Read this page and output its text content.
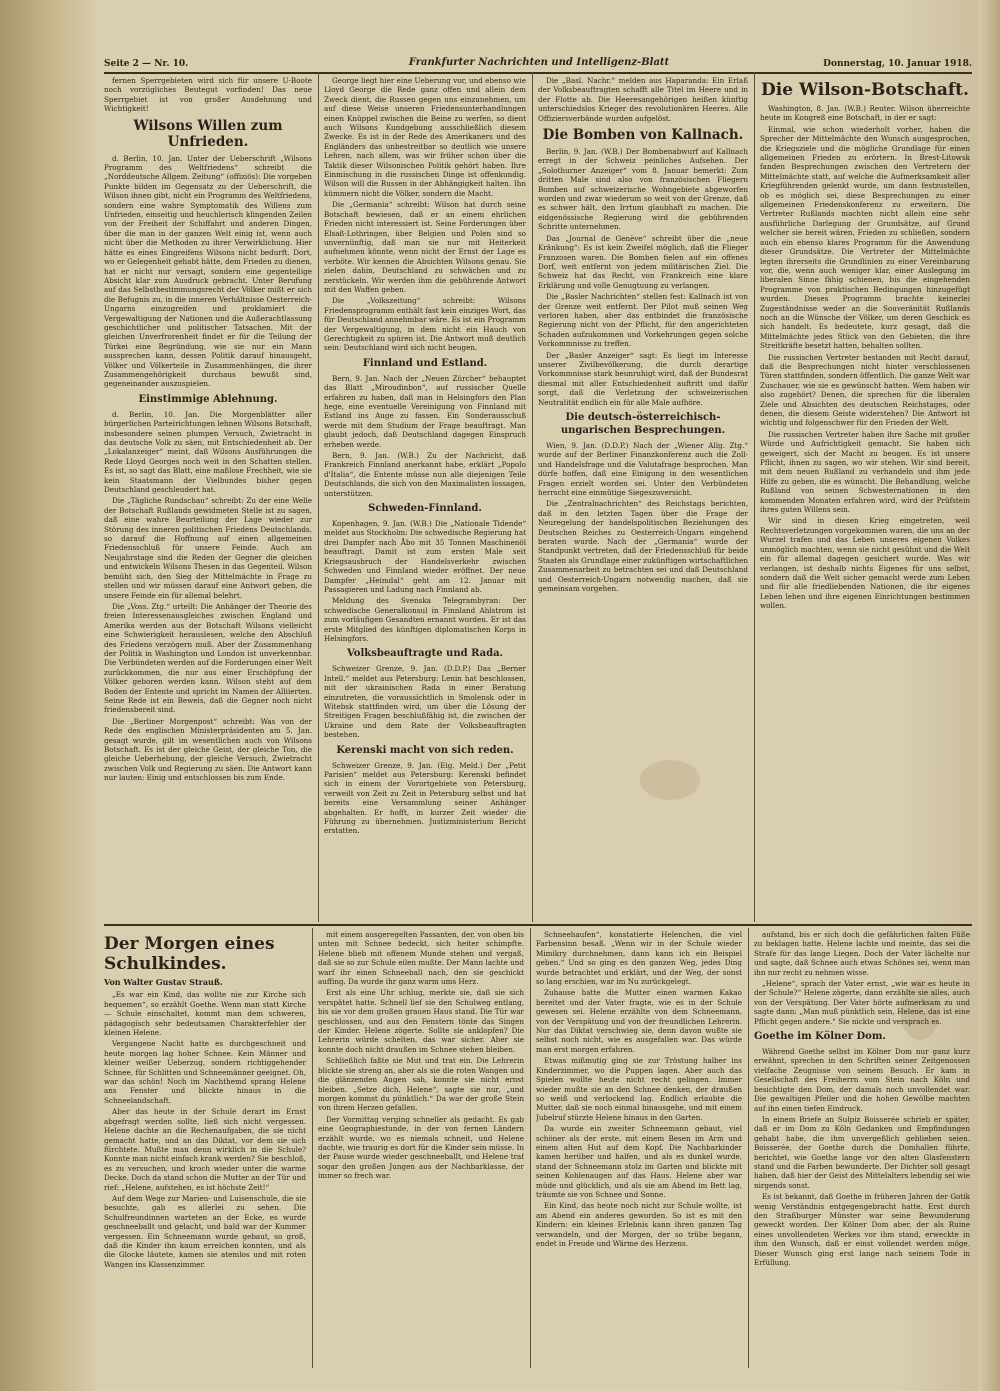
Seite 2 — Nr. 10.	Frankfurter Nachrichten und Intelligenz-Blatt	Donnerstag, 10. Januar 1918.

fernen Sperrgebieten wird sich für unsere U-Boote noch vorzügliches Beutegut vorfinden! Das neue Sperrgebiet ist von großer Ausdehnung und Wichtigkeit!

Wilsons Willen zum Unfrieden.

d. Berlin, 10. Jan. Unter der Ueberschrift „Wilsons Programm des Weltfriedens“ schreibt die „Norddeutsche Allgem. Zeitung“ (offiziös): Die vorgeben Punkte bilden im Gegensatz zu der Ueberschrift, die Wilson ihnen gibt, nicht ein Programm des Weltfriedens, sondern eine wahre Symptomatik des Willens zum Unfrieden, einseitig und heuchlerisch klingenden Zeilen von der Freiheit der Schiffahrt und anderen Dingen, über die man in der ganzen Welt einig ist, wenn auch nicht über die Methoden zu ihrer Verwirklichung. Hier hätte es eines Eingreifens Wilsons nicht bedurft. Dort, wo er Gelegenheit gehabt hätte, dem Frieden zu dienen, hat er nicht nur versagt, sondern eine gegenteilige Absicht klar zum Ausdruck gebracht. Unter Berufung auf das Selbstbestimmungsrecht der Völker mißt er sich die Befugnis zu, in die inneren Verhältnisse Oesterreich-Ungarns einzugreifen und proklamiert die Vergewaltigung der Nationen und die Außerachtlassung geschichtlicher und politischer Tatsachen. Mit der gleichen Unverfrorenheit findet er für die Teilung der Türkei eine Begründung, wie sie nur ein Mann aussprechen kann, dessen Politik darauf hinausgeht, Völker und Völkerteile in Zusammenhängen, die ihrer Zusammengehörigkeit durchaus bewußt sind, gegeneinander auszuspielen.

Einstimmige Ablehnung.

d. Berlin, 10. Jan. Die Morgenblätter aller bürgerlichen Parteirichtungen lehnen Wilsons Botschaft, insbesondere seinen plumpen Versuch, Zwietracht in das deutsche Volk zu säen, mit Entschiedenheit ab. Der „Lokalanzeiger“ meint, daß Wilsons Ausführungen die Rede Lloyd Georges noch weit in den Schatten stellen. Es ist, so sagt das Blatt, eine maßlose Frechheit, wie sie kein Staatsmann der Vielbundes bisher gegen Deutschland geschleudert hat.

Die „Tägliche Rundschau“ schreibt: Zu der eine Welle der Botschaft Rußlands gewidmeten Stelle ist zu sagen, daß eine wahre Beurteilung der Lage wieder zur Störung des inneren politischen Friedens Deutschlands, so darauf die Hoffnung auf einen allgemeinen Friedensschluß für unsere Feinde. Auch am Neujahrstage sind die Reden der Gegner die gleichen und entwickeln Wilsons Thesen in das Gegenteil. Wilson bemüht sich, den Sieg der Mittelmächte in Frage zu stellen und wir müssen darauf eine Antwort geben, die unsere Feinde ein für allemal belehrt.

Die „Voss. Ztg.“ urteilt: Die Anhänger der Theorie des freien Interessenausgleiches zwischen England und Amerika werden aus der Botschaft Wilsons vielleicht eine Schwierigkeit herauslesen, welche den Abschluß des Friedens verzögern muß. Aber der Zusammenhang der Politik in Washington und London ist unverkennbar. Die Verbündeten werden auf die Forderungen einer Welt zurückkommen, die nur aus einer Erschöpfung der Völker geboren werden kann. Wilson steht auf dem Boden der Entente und spricht im Namen der Alliierten. Seine Rede ist ein Beweis, daß die Gegner noch nicht friedensbereit sind.

Die „Berliner Morgenpost“ schreibt: Was von der Rede des englischen Ministerpräsidenten am 5. Jan. gesagt wurde, gilt im wesentlichen auch von Wilsons Botschaft. Es ist der gleiche Geist, der gleiche Ton, die gleiche Ueberhebung, der gleiche Versuch, Zwietracht zwischen Volk und Regierung zu säen. Die Antwort kann nur lauten: Einig und entschlossen bis zum Ende.

George liegt hier eine Ueberung vor, und ebenso wie Lloyd George die Rede ganz offen und allein dem Zweck dient, die Russen gegen uns einzunehmen, um auf diese Weise unseren Friedensunterhandlungen einen Knüppel zwischen die Beine zu werfen, so dient auch Wilsons Kundgebung ausschließlich diesem Zwecke. Es ist in der Rede des Amerikaners und des Engländers das unbestreitbar so deutlich wie unsere Lehren, nach allem, was wir früher schon über die Taktik dieser Wilsonischen Politik gehört haben. Ihre Einmischung in die russischen Dinge ist offenkundig. Wilson will die Russen in der Abhängigkeit halten. Ihn kümmern nicht die Völker, sondern die Macht.

Die „Germania“ schreibt: Wilson hat durch seine Botschaft bewiesen, daß er an einem ehrlichen Frieden nicht interessiert ist. Seine Forderungen über Elsaß-Lothringen, über Belgien und Polen sind so unvernünftig, daß man sie nur mit Heiterkeit aufnehmen könnte, wenn nicht der Ernst der Lage es verböte. Wir kennen die Absichten Wilsons genau. Sie zielen dahin, Deutschland zu schwächen und zu zerstückeln. Wir werden ihm die gebührende Antwort mit den Waffen geben.

Die „Volkszeitung“ schreibt: Wilsons Friedensprogramm enthält fast kein einziges Wort, das für Deutschland annehmbar wäre. Es ist ein Programm der Vergewaltigung, in dem nicht ein Hauch von Gerechtigkeit zu spüren ist. Die Antwort muß deutlich sein: Deutschland wird sich nicht beugen.

Finnland und Estland.

Bern, 9. Jan. Nach der „Neuen Zürcher“ behauptet das Blatt „Miroudinbon“, auf russischer Quelle erfahren zu haben, daß man in Helsingfors den Plan hege, eine eventuelle Vereinigung von Finnland mit Estland ins Auge zu fassen. Ein Sonderausschuß werde mit dem Studium der Frage beauftragt. Man glaubt jedoch, daß Deutschland dagegen Einspruch erheben werde.

Bern, 9. Jan. (W.B.) Zu der Nachricht, daß Frankreich Finnland anerkannt habe, erklärt „Popolo d'Italia“, die Entente müsse nun alle diejenigen Teile Deutschlands, die sich von den Maximalisten lossagen, unterstützen.

Schweden-Finnland.

Kopenhagen, 9. Jan. (W.B.) Die „Nationale Tidende“ meldet aus Stockholm: Die schwedische Regierung hat drei Dampfer nach Åbo mit 35 Tonnen Maschinenöl beauftragt. Damit ist zum ersten Male seit Kriegsausbruch der Handelsverkehr zwischen Schweden und Finnland wieder eröffnet. Der neue Dampfer „Heimdal“ geht am 12. Januar mit Passagieren und Ladung nach Finnland ab.

Meldung des Svenska Telegrambyran: Der schwedische Generalkonsul in Finnland Ahlstrom ist zum vorläufigen Gesandten ernannt worden. Er ist das erste Mitglied des künftigen diplomatischen Korps in Helsingfors.

Volksbeauftragte und Rada.

Schweizer Grenze, 9. Jan. (D.D.P.) Das „Berner Intell.“ meldet aus Petersburg: Lenin hat beschlossen, mit der ukrainischen Rada in einer Beratung einzutreten, die voraussichtlich in Smolensk oder in Witebsk stattfinden wird, um über die Lösung der Streitigen Fragen beschlußfähig ist, die zwischen der Ukraine und dem Rate der Volksbeauftragten bestehen.

Kerenski macht von sich reden.

Schweizer Grenze, 9. Jan. (Eig. Meld.) Der „Petit Parisien“ meldet aus Petersburg: Kerenski befindet sich in einem der Vorortgebiete von Petersburg, verweilt von Zeit zu Zeit in Petersburg selbst und hat bereits eine Versammlung seiner Anhänger abgehalten. Er hofft, in kurzer Zeit wieder die Führung zu übernehmen. Justizministerium Bericht erstatten.

Die „Basl. Nachr.“ melden aus Haparanda: Ein Erlaß der Volksbeauftragten schafft alle Titel im Heere und in der Flotte ab. Die Heeresangehörigen heißen künftig unterschiedslos Krieger des revolutionären Heeres. Alle Offiziersverbände wurden aufgelöst.

Die Bomben von Kallnach.

Berlin, 9. Jan. (W.B.) Der Bombenabwurf auf Kallnach erregt in der Schweiz peinliches Aufsehen. Der „Solothurner Anzeiger“ vom 8. Januar bemerkt: Zum dritten Male sind also von französischen Fliegern Bomben auf schweizerische Wohngebiete abgeworfen worden und zwar wiederum so weit von der Grenze, daß es schwer hält, den Irrtum glaubhaft zu machen. Die eidgenössische Regierung wird die gebührenden Schritte unternehmen.

Das „Journal de Genève“ schreibt über die „neue Kränkung“: Es ist kein Zweifel möglich, daß die Flieger Franzosen waren. Die Bomben fielen auf ein offenes Dorf, weit entfernt von jedem militärischen Ziel. Die Schweiz hat das Recht, von Frankreich eine klare Erklärung und volle Genugtuung zu verlangen.

Die „Basler Nachrichten“ stellen fest: Kallnach ist von der Grenze weit entfernt. Der Pilot muß seinen Weg verloren haben, aber das entbindet die französische Regierung nicht von der Pflicht, für den angerichteten Schaden aufzukommen und Vorkehrungen gegen solche Vorkommnisse zu treffen.

Der „Basler Anzeiger“ sagt: Es liegt im Interesse unserer Zivilbevölkerung, die durch derartige Vorkommnisse stark beunruhigt wird, daß der Bundesrat diesmal mit aller Entschiedenheit auftritt und dafür sorgt, daß die Verletzung der schweizerischen Neutralität endlich ein für alle Male aufhöre.

Die deutsch-österreichisch-ungarischen Besprechungen.

Wien, 9. Jan. (D.D.P.) Nach der „Wiener Allg. Ztg.“ wurde auf der Berliner Finanzkonferenz auch die Zoll- und Handelsfrage und die Valutafrage besprochen. Man dürfe hoffen, daß eine Einigung in den wesentlichen Fragen erzielt worden sei. Unter den Verbündeten herrscht eine einmütige Siegeszuversicht.

Die „Zentralnachrichten“ des Reichstags berichten, daß in den letzten Tagen über die Frage der Neuregelung der handelspolitischen Beziehungen des Deutschen Reiches zu Oesterreich-Ungarn eingehend beraten wurde. Nach der „Germania“ wurde der Standpunkt vertreten, daß der Friedensschluß für beide Staaten als Grundlage einer zukünftigen wirtschaftlichen Zusammenarbeit zu betrachten sei und daß Deutschland und Oesterreich-Ungarn notwendig machen, daß sie gemeinsam vorgehen.

Die Wilson-Botschaft.

Washington, 8. Jan. (W.B.) Reuter. Wilson überreichte heute im Kongreß eine Botschaft, in der er sagt:

Einmal, wie schon wiederholt vorher, haben die Sprecher der Mittelmächte den Wunsch ausgesprochen, die Kriegsziele und die mögliche Grundlage für einen allgemeinen Frieden zu erörtern. In Brest-Litowsk fanden Besprechungen zwischen den Vertretern der Mittelmächte statt, auf welche die Aufmerksamkeit aller Kriegführenden gelenkt wurde, um dann festzustellen, ob es möglich sei, diese Besprechungen zu einer allgemeinen Friedenskonferenz zu erweitern. Die Vertreter Rußlands machten nicht allein eine sehr ausführliche Darlegung der Grundsätze, auf Grund welcher sie bereit wären, Frieden zu schließen, sondern auch ein ebenso klares Programm für die Anwendung dieser Grundsätze. Die Vertreter der Mittelmächte legten ihrerseits die Grundlinien zu einer Vereinbarung vor, die, wenn auch weniger klar, einer Auslegung im liberalen Sinne fähig schienen, bis die eingehenden Programme von praktischen Bedingungen hinzugefügt wurden. Dieses Programm brachte keinerlei Zugeständnisse weder an die Souveränität Rußlands noch an die Wünsche der Völker, um deren Geschick es sich handelt. Es bedeutete, kurz gesagt, daß die Mittelmächte jedes Stück von den Gebieten, die ihre Streitkräfte besetzt hatten, behalten sollten.

Die russischen Vertreter bestanden mit Recht darauf, daß die Besprechungen nicht hinter verschlossenen Türen stattfinden, sondern öffentlich. Die ganze Welt war Zuschauer, wie sie es gewünscht hatten. Wem haben wir also zugehört? Denen, die sprechen für die liberalen Ziele und Absichten des deutschen Reichstages, oder denen, die diesem Geiste widerstehen? Die Antwort ist wichtig und folgenschwer für den Frieden der Welt.

Die russischen Vertreter haben ihre Sache mit großer Würde und Aufrichtigkeit gemacht. Sie haben sich geweigert, sich der Macht zu beugen. Es ist unsere Pflicht, ihnen zu sagen, wo wir stehen. Wir sind bereit, mit dem neuen Rußland zu verhandeln und ihm jede Hilfe zu geben, die es wünscht. Die Behandlung, welche Rußland von seinen Schwesternationen in den kommenden Monaten erfahren wird, wird der Prüfstein ihres guten Willens sein.

Wir sind in diesen Krieg eingetreten, weil Rechtsverletzungen vorgekommen waren, die uns an der Wurzel trafen und das Leben unseres eigenen Volkes unmöglich machten, wenn sie nicht gesühnt und die Welt ein für allemal dagegen gesichert wurde. Was wir verlangen, ist deshalb nichts Eigenes für uns selbst, sondern daß die Welt sicher gemacht werde zum Leben und für alle friedliebenden Nationen, die ihr eigenes Leben leben und ihre eigenen Einrichtungen bestimmen wollen.

Der Morgen eines Schulkindes.
Von Walter Gustav Strauß.

„Es war ein Kind, das wollte nie zur Kirche sich bequemen“, so erzählt Goethe. Wenn man statt Kirche — Schule einschaltet, kommt man dem schweren, pädagogisch sehr bedeutsamen Charakterfehler der kleinen Helene.

Vergangene Nacht hatte es durchgeschneit und heute morgen lag hoher Schnee. Kein Männer und kleiner weißer Ueberzug, sondern richtiggehender Schnee, für Schlitten und Schneemänner geeignet. Oh, war das schön! Noch im Nachthemd sprang Helene ans Fenster und blickte hinaus in die Schneelandschaft.

Aber das heute in der Schule derart im Ernst abgefragt werden sollte, ließ sich nicht vergessen. Helene dachte an die Rechenaufgaben, die sie nicht gemacht hatte, und an das Diktat, vor dem sie sich fürchtete. Mußte man denn wirklich in die Schule? Konnte man nicht einfach krank werden? Sie beschloß, es zu versuchen, und kroch wieder unter die warme Decke. Doch da stand schon die Mutter an der Tür und rief: „Helene, aufstehen, es ist höchste Zeit!“

Auf dem Wege zur Marien- und Luisenschule, die sie besuchte, gab es allerlei zu sehen. Die Schulfreundinnen warteten an der Ecke, es wurde geschneeballt und gelacht, und bald war der Kummer vergessen. Ein Schneemann wurde gebaut, so groß, daß die Kinder ihn kaum erreichen konnten, und als die Glocke läutete, kamen sie atemlos und mit roten Wangen ins Klassenzimmer.

mit einem ausgeregelten Passanten, der, von oben bis unten mit Schnee bedeckt, sich heiter schimpfte. Helene blieb mit offenem Munde stehen und vergaß, daß sie so zur Schule eilen mußte. Der Mann lachte und warf ihr einen Schneeball nach, den sie geschickt auffing. Da wurde ihr ganz warm ums Herz.

Erst als eine Uhr schlug, merkte sie, daß sie sich verspätet hatte. Schnell lief sie den Schulweg entlang, bis sie vor dem großen grauen Haus stand. Die Tür war geschlossen, und aus den Fenstern tönte das Singen der Kinder. Helene zögerte. Sollte sie anklopfen? Die Lehrerin würde schelten, das war sicher. Aber sie konnte doch nicht draußen im Schnee stehen bleiben.

Schließlich faßte sie Mut und trat ein. Die Lehrerin blickte sie streng an, aber als sie die roten Wangen und die glänzenden Augen sah, konnte sie nicht ernst bleiben. „Setze dich, Helene“, sagte sie nur, „und morgen kommst du pünktlich.“ Da war der große Stein von ihrem Herzen gefallen.

Der Vormittag verging schneller als gedacht. Es gab eine Geographiestunde, in der von fernen Ländern erzählt wurde, wo es niemals schneit, und Helene dachte, wie traurig es dort für die Kinder sein müsse. In der Pause wurde wieder geschneeballt, und Helene traf sogar den großen Jungen aus der Nachbarklasse, der immer so frech war.

Schneehaufen“, konstatierte Helenchen, die viel Farbensinn besaß. „Wenn wir in der Schule wieder Mimikry durchnehmen, dann kann ich ein Beispiel geben.“ Und so ging es den ganzen Weg, jedes Ding wurde betrachtet und erklärt, und der Weg, der sonst so lang erschien, war im Nu zurückgelegt.

Zuhause hatte die Mutter einen warmen Kakao bereitet und der Vater fragte, wie es in der Schule gewesen sei. Helene erzählte von dem Schneemann, von der Verspätung und von der freundlichen Lehrerin. Nur das Diktat verschwieg sie, denn davon wußte sie selbst noch nicht, wie es ausgefallen war. Das würde man erst morgen erfahren.

Etwas mißmutig ging sie zur Tröstung halber ins Kinderzimmer, wo die Puppen lagen. Aber auch das Spielen wollte heute nicht recht gelingen. Immer wieder mußte sie an den Schnee denken, der draußen so weiß und verlockend lag. Endlich erlaubte die Mutter, daß sie noch einmal hinausgehe, und mit einem Jubelruf stürzte Helene hinaus in den Garten.

Da wurde ein zweiter Schneemann gebaut, viel schöner als der erste, mit einem Besen im Arm und einem alten Hut auf dem Kopf. Die Nachbarkinder kamen herüber und halfen, und als es dunkel wurde, stand der Schneemann stolz im Garten und blickte mit seinen Kohlenaugen auf das Haus. Helene aber war müde und glücklich, und als sie am Abend im Bett lag, träumte sie von Schnee und Sonne.

Ein Kind, das heute noch nicht zur Schule wollte, ist am Abend ein anderes geworden. So ist es mit den Kindern: ein kleines Erlebnis kann ihren ganzen Tag verwandeln, und der Morgen, der so trübe begann, endet in Freude und Wärme des Herzens.

aufstand, bis er sich doch die gefährlichen falten Füße zu beklagen hatte. Helene lachte und meinte, das sei die Strafe für das lange Liegen. Doch der Vater lächelte nur und sagte, daß Schnee auch etwas Schönes sei, wenn man ihn nur recht zu nehmen wisse.

„Helene“, sprach der Vater ernst, „wie war es heute in der Schule?“ Helene zögerte, dann erzählte sie alles, auch von der Verspätung. Der Vater hörte aufmerksam zu und sagte dann: „Man muß pünktlich sein, Helene, das ist eine Pflicht gegen andere.“ Sie nickte und versprach es.

Goethe im Kölner Dom.

Während Goethe selbst im Kölner Dom nur ganz kurz erwähnt, sprechen in den Schriften seiner Zeitgenossen vielfache Zeugnisse von seinem Besuch. Er kam in Gesellschaft des Freiherrn vom Stein nach Köln und besichtigte den Dom, der damals noch unvollendet war. Die gewaltigen Pfeiler und die hohen Gewölbe machten auf ihn einen tiefen Eindruck.

In einem Briefe an Sulpiz Boisserée schrieb er später, daß er im Dom zu Köln Gedanken und Empfindungen gehabt habe, die ihm unvergeßlich geblieben seien. Boisserée, der Goethe durch die Domhallen führte, berichtet, wie Goethe lange vor den alten Glasfenstern stand und die Farben bewunderte. Der Dichter soll gesagt haben, daß hier der Geist des Mittelalters lebendig sei wie nirgends sonst.

Es ist bekannt, daß Goethe in früheren Jahren der Gotik wenig Verständnis entgegengebracht hatte. Erst durch den Straßburger Münster war seine Bewunderung geweckt worden. Der Kölner Dom aber, der als Ruine eines unvollendeten Werkes vor ihm stand, erweckte in ihm den Wunsch, daß er einst vollendet werden möge. Dieser Wunsch ging erst lange nach seinem Tode in Erfüllung.
